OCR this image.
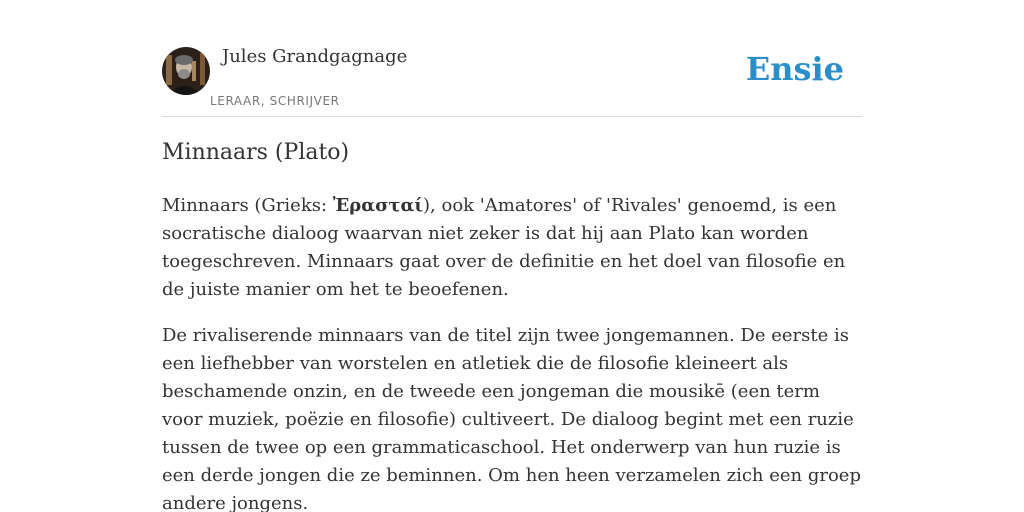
Jules Grandgagnage
LERAAR, SCHRIJVER
Ensie
Minnaars (Plato)

Minnaars (Grieks: Ἐρασταί), ook 'Amatores' of 'Rivales' genoemd, is een socratische dialoog waarvan niet zeker is dat hij aan Plato kan worden toegeschreven. Minnaars gaat over de definitie en het doel van filosofie en de juiste manier om het te beoefenen.

De rivaliserende minnaars van de titel zijn twee jongemannen. De eerste is een liefhebber van worstelen en atletiek die de filosofie kleineert als beschamende onzin, en de tweede een jongeman die mousikē (een term voor muziek, poëzie en filosofie) cultiveert. De dialoog begint met een ruzie tussen de twee op een grammaticaschool. Het onderwerp van hun ruzie is een derde jongen die ze beminnen. Om hen heen verzamelen zich een groep andere jongens.
